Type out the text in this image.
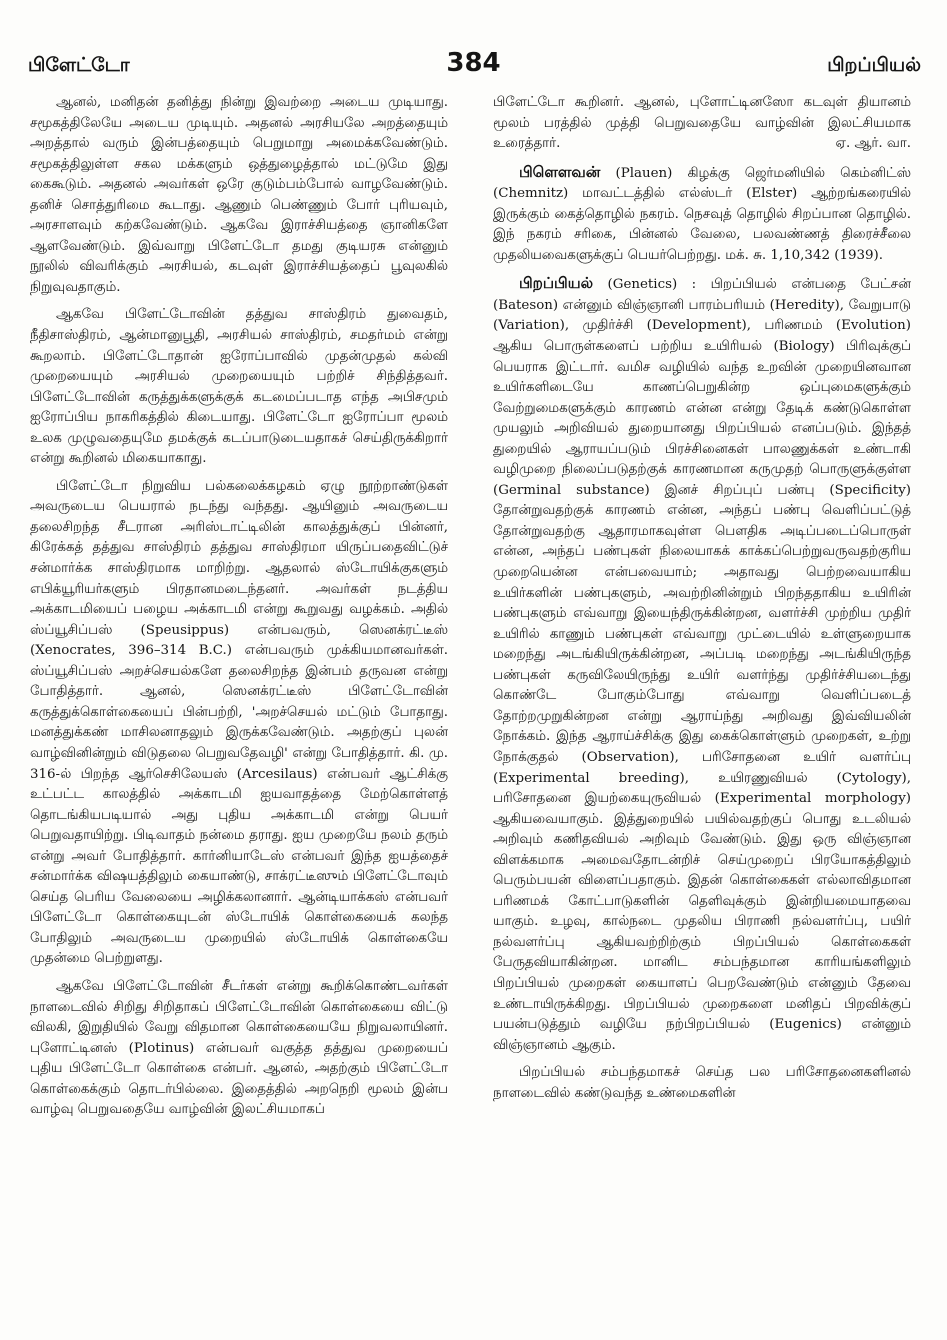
பிளேட்டோ	384	பிறப்பியல்

ஆனல், மனிதன் தனித்து நின்று இவற்றை அடைய முடியாது. சமூகத்திலேயே அடைய முடியும். அதனல் அரசியலே அறத்தையும் அறத்தால் வரும் இன்பத்தையும் பெறுமாறு அமைக்கவேண்டும். சமூகத்திலுள்ள சகல மக்களும் ஒத்துழைத்தால் மட்டுமே இது கைகூடும். அதனல் அவர்கள் ஒரே குடும்பம்போல் வாழவேண்டும். தனிச் சொத்துரிமை கூடாது. ஆணும் பெண்ணும் போர் புரியவும், அரசாளவும் கற்கவேண்டும். ஆகவே இராச்சியத்தை ஞானிகளே ஆளவேண்டும். இவ்வாறு பிளேட்டோ தமது குடியரசு என்னும் நூலில் விவரிக்கும் அரசியல், கடவுள் இராச்சியத்தைப் பூவுலகில் நிறுவுவதாகும்.

ஆகவே பிளேட்டோவின் தத்துவ சாஸ்திரம் துவைதம், நீதிசாஸ்திரம், ஆன்மானுபூதி, அரசியல் சாஸ்திரம், சமதர்மம் என்று கூறலாம். பிளேட்டோதான் ஐரோப்பாவில் முதன்முதல் கல்வி முறையையும் அரசியல் முறையையும் பற்றிச் சிந்தித்தவர். பிளேட்டோவின் கருத்துக்களுக்குக் கடமைப்படாத எந்த அபிசமும் ஐரோப்பிய நாகரிகத்தில் கிடையாது. பிளேட்டோ ஐரோப்பா மூலம் உலக முழுவதையுமே தமக்குக் கடப்பாடுடையதாகச் செய்திருக்கிறார் என்று கூறினல் மிகையாகாது.

பிளேட்டோ நிறுவிய பல்கலைக்கழகம் ஏழு நூற்றாண்டுகள் அவருடைய பெயரால் நடந்து வந்தது. ஆயினும் அவருடைய தலைசிறந்த சீடரான அரிஸ்டாட்டிலின் காலத்துக்குப் பின்னர், கிரேக்கத் தத்துவ சாஸ்திரம் தத்துவ சாஸ்திரமா யிருப்பதைவிட்டுச் சன்மார்க்க சாஸ்திரமாக மாறிற்று. ஆதலால் ஸ்டோயிக்குகளும் எபிக்யூரியர்களும் பிரதானமடைந்தனர். அவர்கள் நடத்திய அக்காடமியைப் பழைய அக்காடமி என்று கூறுவது வழக்கம். அதில் ஸ்ப்யூசிப்பஸ் (Speusippus) என்பவரும், ஸெனக்ரட்டீஸ் (Xenocrates, 396–314 B.C.) என்பவரும் முக்கியமானவர்கள். ஸ்ப்யூசிப்பஸ் அறச்செயல்களே தலைசிறந்த இன்பம் தருவன என்று போதித்தார். ஆனல், ஸெனக்ரட்டீஸ் பிளேட்டோவின் கருத்துக்கொள்கையைப் பின்பற்றி, 'அறச்செயல் மட்டும் போதாது. மனத்துக்கண் மாசிலனாதலும் இருக்கவேண்டும். அதற்குப் புலன் வாழ்வினின்றும் விடுதலை பெறுவதேவழி' என்று போதித்தார். கி. மு. 316-ல் பிறந்த ஆர்செசிலேயஸ் (Arcesilaus) என்பவர் ஆட்சிக்கு உட்பட்ட காலத்தில் அக்காடமி ஐயவாதத்தை மேற்கொள்ளத் தொடங்கியபடியால் அது புதிய அக்காடமி என்று பெயர் பெறுவதாயிற்று. பிடிவாதம் நன்மை தராது. ஐய முறையே நலம் தரும் என்று அவர் போதித்தார். கார்னியாடேஸ் என்பவர் இந்த ஐயத்தைச் சன்மார்க்க விஷயத்திலும் கையாண்டு, சாக்ரட்டீஸும் பிளேட்டோவும் செய்த பெரிய வேலையை அழிக்கலானார். ஆன்டியாக்கஸ் என்பவர் பிளேட்டோ கொள்கையுடன் ஸ்டோயிக் கொள்கையைக் கலந்த போதிலும் அவருடைய முறையில் ஸ்டோயிக் கொள்கையே முதன்மை பெற்றுளது.

ஆகவே பிளேட்டோவின் சீடர்கள் என்று கூறிக்கொண்டவர்கள் நாளடைவில் சிறிது சிறிதாகப் பிளேட்டோவின் கொள்கையை விட்டு விலகி, இறுதியில் வேறு விதமான கொள்கையையே நிறுவலாயினர். புளோட்டினஸ் (Plotinus) என்பவர் வகுத்த தத்துவ முறையைப் புதிய பிளேட்டோ கொள்கை என்பர். ஆனல், அதற்கும் பிளேட்டோ கொள்கைக்கும் தொடர்பில்லை. இதைத்தில் அறநெறி மூலம் இன்ப வாழ்வு பெறுவதையே வாழ்வின் இலட்சியமாகப்

பிளேட்டோ கூறினர். ஆனல், புளோட்டினஸோ கடவுள் தியானம் மூலம் பரத்தில் முத்தி பெறுவதையே வாழ்வின் இலட்சியமாக உரைத்தார்.	ஏ. ஆர். வா.

பிளெளவன் (Plauen) கிழக்கு ஜெர்மனியில் கெம்னிட்ஸ் (Chemnitz) மாவட்டத்தில் எல்ஸ்டர் (Elster) ஆற்றங்கரையில் இருக்கும் கைத்தொழில் நகரம். நெசவுத் தொழில் சிறப்பான தொழில். இந் நகரம் சரிகை, பின்னல் வேலை, பலவண்ணத் திரைச்சீலை முதலியவைகளுக்குப் பெயர்பெற்றது. மக். சு. 1,10,342 (1939).

பிறப்பியல் (Genetics) : பிறப்பியல் என்பதை பேட்சன் (Bateson) என்னும் விஞ்ஞானி பாரம்பரியம் (Heredity), வேறுபாடு (Variation), முதிர்ச்சி (Development), பரிணமம் (Evolution) ஆகிய பொருள்களைப் பற்றிய உயிரியல் (Biology) பிரிவுக்குப் பெயராக இட்டார். வமிச வழியில் வந்த உறவின் முறையினவான உயிர்களிடையே காணப்பெறுகின்ற ஒப்புமைகளுக்கும் வேற்றுமைகளுக்கும் காரணம் என்ன என்று தேடிக் கண்டுகொள்ள முயலும் அறிவியல் துறையானது பிறப்பியல் எனப்படும். இந்தத் துறையில் ஆராயப்படும் பிரச்சினைகள் பாலணுக்கள் உண்டாகி வழிமுறை நிலைப்படுதற்குக் காரணமான கருமுதற் பொருளுக்குள்ள (Germinal substance) இனச் சிறப்புப் பண்பு (Specificity) தோன்றுவதற்குக் காரணம் என்ன, அந்தப் பண்பு வெளிப்பட்டுத் தோன்றுவதற்கு ஆதாரமாகவுள்ள பௌதிக அடிப்படைப்பொருள் என்ன, அந்தப் பண்புகள் நிலையாகக் காக்கப்பெற்றுவருவதற்குரிய முறையென்ன என்பவையாம்; அதாவது பெற்றவையாகிய உயிர்களின் பண்புகளும், அவற்றினின்றும் பிறந்ததாகிய உயிரின் பண்புகளும் எவ்வாறு இயைந்திருக்கின்றன, வளர்ச்சி முற்றிய முதிர் உயிரில் காணும் பண்புகள் எவ்வாறு முட்டையில் உள்ளுறையாக மறைந்து அடங்கியிருக்கின்றன, அப்படி மறைந்து அடங்கியிருந்த பண்புகள் கருவிலேயிருந்து உயிர் வளர்ந்து முதிர்ச்சியடைந்து கொண்டே போகும்போது எவ்வாறு வெளிப்படைத் தோற்றமுறுகின்றன என்று ஆராய்ந்து அறிவது இவ்வியலின் நோக்கம். இந்த ஆராய்ச்சிக்கு இது கைக்கொள்ளும் முறைகள், உற்று நோக்குதல் (Observation), பரிசோதனை உயிர் வளர்ப்பு (Experimental breeding), உயிரணுவியல் (Cytology), பரிசோதனை இயற்கையுருவியல் (Experimental morphology) ஆகியவையாகும். இத்துறையில் பயில்வதற்குப் பொது உடலியல் அறிவும் கணிதவியல் அறிவும் வேண்டும். இது ஒரு விஞ்ஞான விளக்கமாக அமைவதோடன்றிச் செய்முறைப் பிரயோகத்திலும் பெரும்பயன் விளைப்பதாகும். இதன் கொள்கைகள் எல்லாவிதமான பரிணமக் கோட்பாடுகளின் தெளிவுக்கும் இன்றியமையாதவை யாகும். உழவு, கால்நடை முதலிய பிராணி நல்வளர்ப்பு, பயிர் நல்வளர்ப்பு ஆகியவற்றிற்கும் பிறப்பியல் கொள்கைகள் பேருதவியாகின்றன. மானிட சம்பந்தமான காரியங்களிலும் பிறப்பியல் முறைகள் கையாளப் பெறவேண்டும் என்னும் தேவை உண்டாயிருக்கிறது. பிறப்பியல் முறைகளை மனிதப் பிறவிக்குப் பயன்படுத்தும் வழியே நற்பிறப்பியல் (Eugenics) என்னும் விஞ்ஞானம் ஆகும்.

பிறப்பியல் சம்பந்தமாகச் செய்த பல பரிசோதனைகளினல் நாளடைவில் கண்டுவந்த உண்மைகளின்
